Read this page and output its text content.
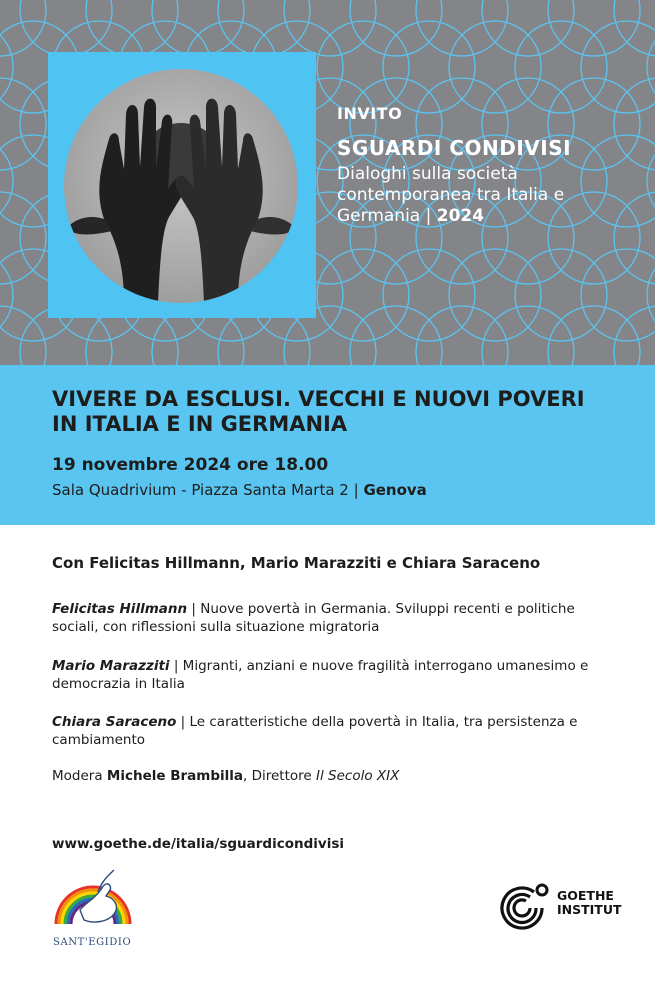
INVITO
SGUARDI CONDIVISI
Dialoghi sulla società contemporanea tra Italia e Germania | 2024
VIVERE DA ESCLUSI. VECCHI E NUOVI POVERI IN ITALIA E IN GERMANIA
19 novembre 2024 ore 18.00
Sala Quadrivium - Piazza Santa Marta 2 | Genova
Con Felicitas Hillmann, Mario Marazziti e Chiara Saraceno
Felicitas Hillmann | Nuove povertà in Germania. Sviluppi recenti e politiche sociali, con riflessioni sulla situazione migratoria
Mario Marazziti | Migranti, anziani e nuove fragilità interrogano umanesimo e democrazia in Italia
Chiara Saraceno | Le caratteristiche della povertà in Italia, tra persistenza e cambiamento
Modera Michele Brambilla, Direttore Il Secolo XIX
www.goethe.de/italia/sguardicondivisi
SANT'EGIDIO
GOETHE
INSTITUT
